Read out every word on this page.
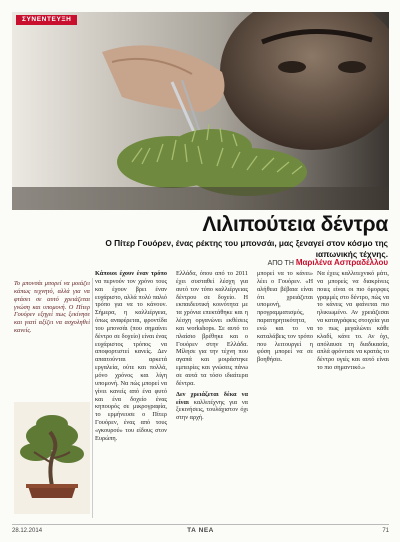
ΣΥΝΕΝΤΕΥΞΗ
Λιλιπούτεια δέντρα
Ο Πίτερ Γουόρεν, ένας ρέκτης του μπονσάι, μας ξεναγεί στον κόσμο της ιαπωνικής τέχνης.
ΑΠΟ ΤΗ Μαριλένα Ασπραδέλλου

Το μπονσάι μπορεί να μοιάζει κάπως τεχνητό, αλλά για να φτάσει σε αυτό χρειάζεται γνώση και υπομονή. Ο Πίτερ Γουόρεν εξηγεί πως ξεκίνησε και γιατί αξίζει να ασχοληθεί κανείς.

Κάποιοι έχουν έναν τρόπο να περνούν τον χρόνο τους και έχουν βρει έναν ευχάριστο, αλλά πολύ παλιό τρόπο για να το κάνουν. Σήμερα, η καλλιέργεια, όπως αναφέρεται, φροντίδα του μπονσάι (που σημαίνει δέντρο σε δοχείο) είναι ένας ευχάριστος τρόπος να αποφορτιστεί κανείς. Δεν απαιτούνται αρκετά εργαλεία, ούτε και πολλά, μόνο χρόνος και λίγη υπομονή. Να πώς μπορεί να γίνει κανείς από ένα φυτό και ένα δοχείο ένας κηπουρός σε μικρογραφία, το ερμήνευσε ο Πίτερ Γουόρεν, ένας από τους «γκουρού» του είδους στον Ευρώπη.

Ελλάδα, όπου από το 2011 έχει συσταθεί λέσχη για αυτό τον τύπο καλλιέργειας δέντρου σε δοχείο. Η εκπαιδευτική κοινότητα με τα χρόνια επεκτάθηκε και η λέσχη οργανώνει εκθέσεις και workshops. Σε αυτό το πλαίσιο βρέθηκε και ο Γουόρεν στην Ελλάδα. Μίλησε για την τέχνη που αγαπά και μοιράστηκε εμπειρίες και γνώσεις πάνω σε αυτά τα τόσο ιδιαίτερα δέντρα.

Δεν χρειάζεται δέκα να είναι καλλιτέχνης για να ξεκινήσεις, τουλάχιστον όχι στην αρχή.

μπορεί να το κάνει» λέει ο Γουόρεν. «Η αλήθεια βέβαια είναι ότι χρειάζεται υπομονή, προγραμματισμός, παρατηρητικότητα, ενώ και το να καταλάβεις τον τρόπο που λειτουργεί η φύση μπορεί να σε βοηθήσει.

Να έχεις καλλιτεχνικό μάτι, να μπορείς να διακρίνεις ποιες είναι οι πιο όμορφες γραμμές στο δέντρο, πώς να το κάνεις να φαίνεται πιο ηλικιωμένο. Αν χρειάζεσαι να καταγράφεις στοιχεία για το πως μεγαλώνει κάθε κλαδί, κάνε το. Αν όχι, απόλαυσε τη διαδικασία, απλά φρόντισε να κρατάς το δέντρο υγιές και αυτό είναι το πιο σημαντικό.»

28.12.2014	ΤΑ ΝΕΑ	71
